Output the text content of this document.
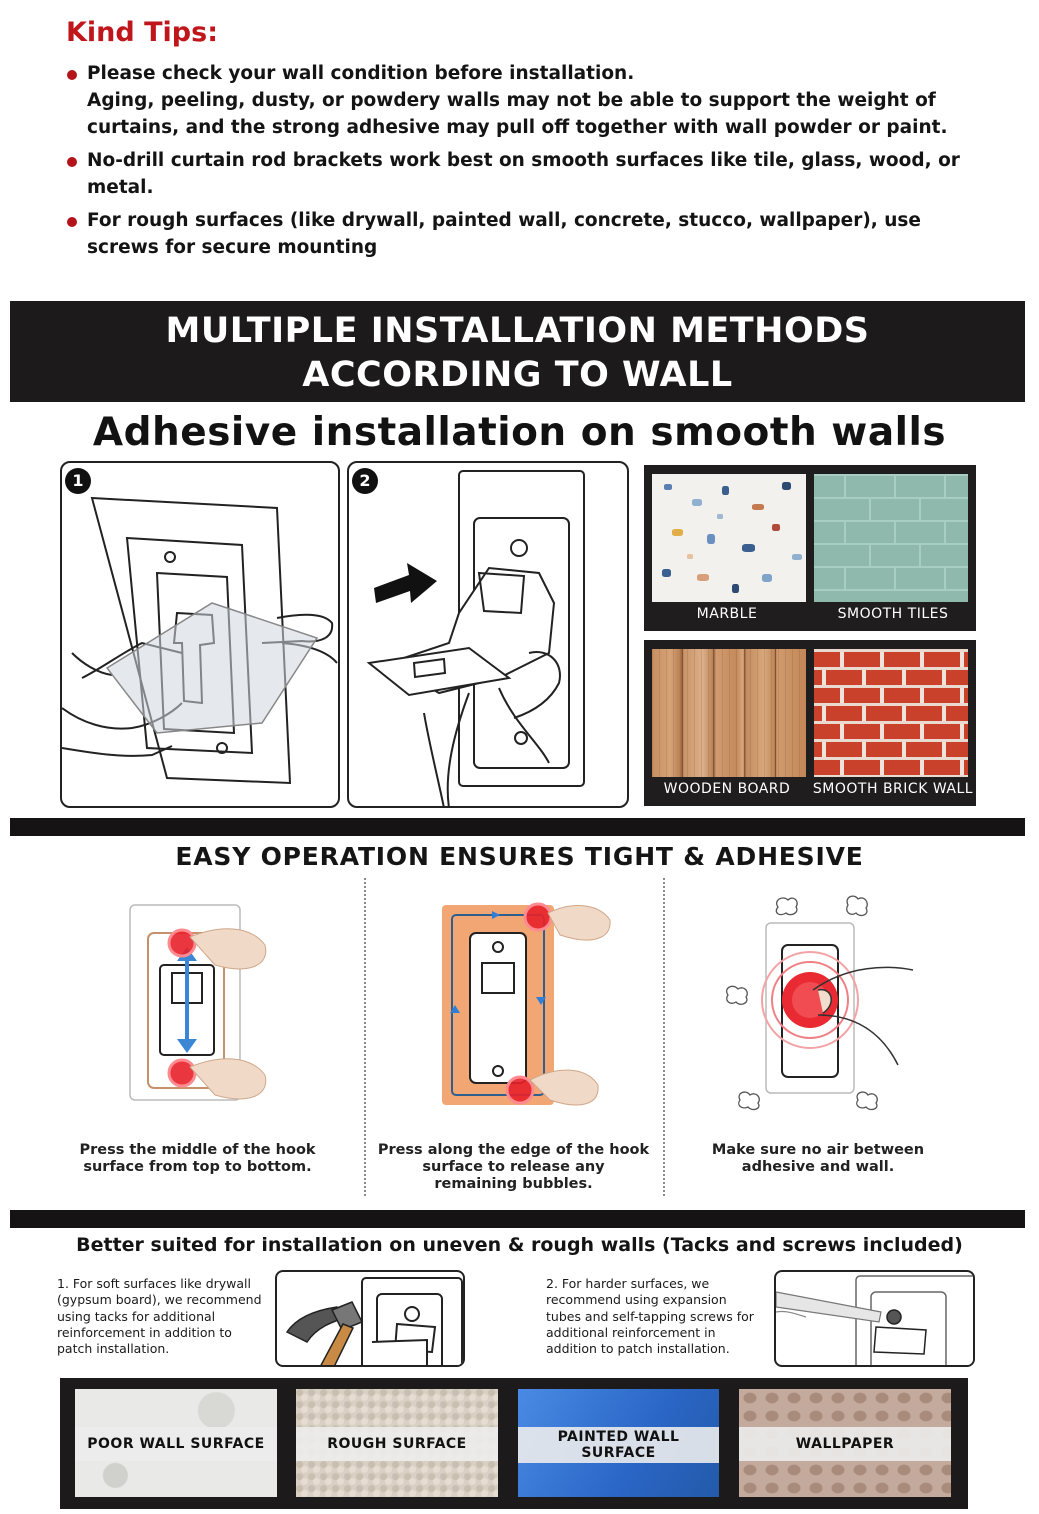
Kind Tips:
Please check your wall condition before installation.
Aging, peeling, dusty, or powdery walls may not be able to support the weight of curtains, and the strong adhesive may pull off together with wall powder or paint.
No-drill curtain rod brackets work best on smooth surfaces like tile, glass, wood, or metal.
For rough surfaces (like drywall, painted wall, concrete, stucco, wallpaper), use screws for secure mounting
MULTIPLE INSTALLATION METHODS
ACCORDING TO WALL
Adhesive installation on smooth walls
1	2
MARBLE	SMOOTH TILES
WOODEN BOARD	SMOOTH BRICK WALL
EASY OPERATION ENSURES TIGHT & ADHESIVE
Press the middle of the hook
surface from top to bottom.
Press along the edge of the hook
surface to release any
remaining bubbles.
Make sure no air between
adhesive and wall.
Better suited for installation on uneven & rough walls (Tacks and screws included)
1. For soft surfaces like drywall (gypsum board), we recommend using tacks for additional reinforcement in addition to patch installation.
2. For harder surfaces, we recommend using expansion tubes and self-tapping screws for additional reinforcement in addition to patch installation.
POOR WALL SURFACE	ROUGH SURFACE	PAINTED WALL
SURFACE
WALLPAPER
